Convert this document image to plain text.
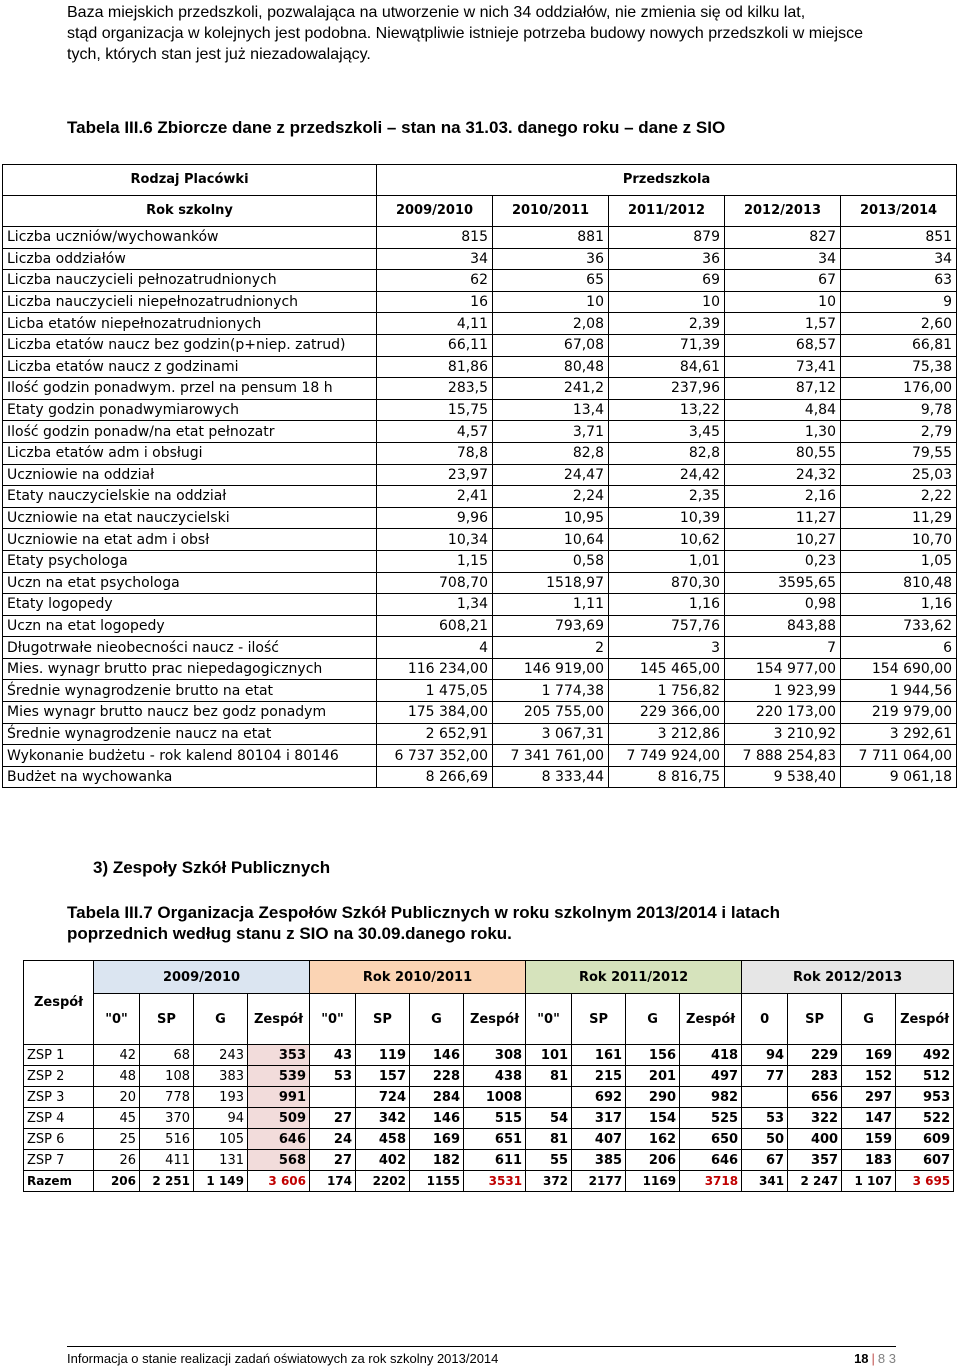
Baza miejskich przedszkoli, pozwalająca na utworzenie w nich 34 oddziałów, nie zmienia się od kilku lat,

stąd organizacja w kolejnych jest podobna. Niewątpliwie istnieje potrzeba budowy nowych przedszkoli w miejsce

tych, których stan jest już niezadowalający.

Tabela III.6 Zbiorcze dane z przedszkoli – stan na 31.03. danego roku – dane z SIO
Rodzaj Placówki	Przedszkola				
Rok szkolny	2009/2010	2010/2011	2011/2012	2012/2013	2013/2014
Liczba uczniów/wychowanków	815	881	879	827	851
Liczba oddziałów	34	36	36	34	34
Liczba nauczycieli pełnozatrudnionych	62	65	69	67	63
Liczba nauczycieli niepełnozatrudnionych	16	10	10	10	9
Licba etatów niepełnozatrudnionych	4,11	2,08	2,39	1,57	2,60
Liczba etatów naucz bez godzin(p+niep. zatrud)	66,11	67,08	71,39	68,57	66,81
Liczba etatów naucz z godzinami	81,86	80,48	84,61	73,41	75,38
Ilość godzin ponadwym. przel na pensum 18 h	283,5	241,2	237,96	87,12	176,00
Etaty godzin ponadwymiarowych	15,75	13,4	13,22	4,84	9,78
Ilość godzin ponadw/na etat pełnozatr	4,57	3,71	3,45	1,30	2,79
Liczba etatów adm i obsługi	78,8	82,8	82,8	80,55	79,55
Uczniowie na oddział	23,97	24,47	24,42	24,32	25,03
Etaty nauczycielskie na oddział	2,41	2,24	2,35	2,16	2,22
Uczniowie na etat nauczycielski	9,96	10,95	10,39	11,27	11,29
Uczniowie na etat adm i obsł	10,34	10,64	10,62	10,27	10,70
Etaty psychologa	1,15	0,58	1,01	0,23	1,05
Uczn na etat psychologa	708,70	1518,97	870,30	3595,65	810,48
Etaty logopedy	1,34	1,11	1,16	0,98	1,16
Uczn na etat logopedy	608,21	793,69	757,76	843,88	733,62
Długotrwałe nieobecności naucz - ilość	4	2	3	7	6
Mies. wynagr brutto prac niepedagogicznych	116 234,00	146 919,00	145 465,00	154 977,00	154 690,00
Średnie wynagrodzenie brutto na etat	1 475,05	1 774,38	1 756,82	1 923,99	1 944,56
Mies wynagr brutto naucz bez godz ponadym	175 384,00	205 755,00	229 366,00	220 173,00	219 979,00
Średnie wynagrodzenie naucz na etat	2 652,91	3 067,31	3 212,86	3 210,92	3 292,61
Wykonanie budżetu - rok kalend 80104 i 80146	6 737 352,00	7 341 761,00	7 749 924,00	7 888 254,83	7 711 064,00
Budżet na wychowanka	8 266,69	8 333,44	8 816,75	9 538,40	9 061,18
3) Zespoły Szkół Publicznych
Tabela III.7 Organizacja Zespołów Szkół Publicznych w roku szkolnym 2013/2014 i latach poprzednich według stanu z SIO na 30.09.danego roku.
Zespół	2009/2010				Rok 2010/2011				Rok 2011/2012				Rok 2012/2013			
	"0"	SP	G	Zespół	"0"	SP	G	Zespół	"0"	SP	G	Zespół	0	SP	G	Zespół
ZSP 1	42	68	243	353	43	119	146	308	101	161	156	418	94	229	169	492
ZSP 2	48	108	383	539	53	157	228	438	81	215	201	497	77	283	152	512
ZSP 3	20	778	193	991		724	284	1008		692	290	982		656	297	953
ZSP 4	45	370	94	509	27	342	146	515	54	317	154	525	53	322	147	522
ZSP 6	25	516	105	646	24	458	169	651	81	407	162	650	50	400	159	609
ZSP 7	26	411	131	568	27	402	182	611	55	385	206	646	67	357	183	607
Razem	206	2 251	1 149	3 606	174	2202	1155	3531	372	2177	1169	3718	341	2 247	1 107	3 695
Informacja o stanie realizacji zadań oświatowych za rok szkolny 2013/2014	18 | 8 3
